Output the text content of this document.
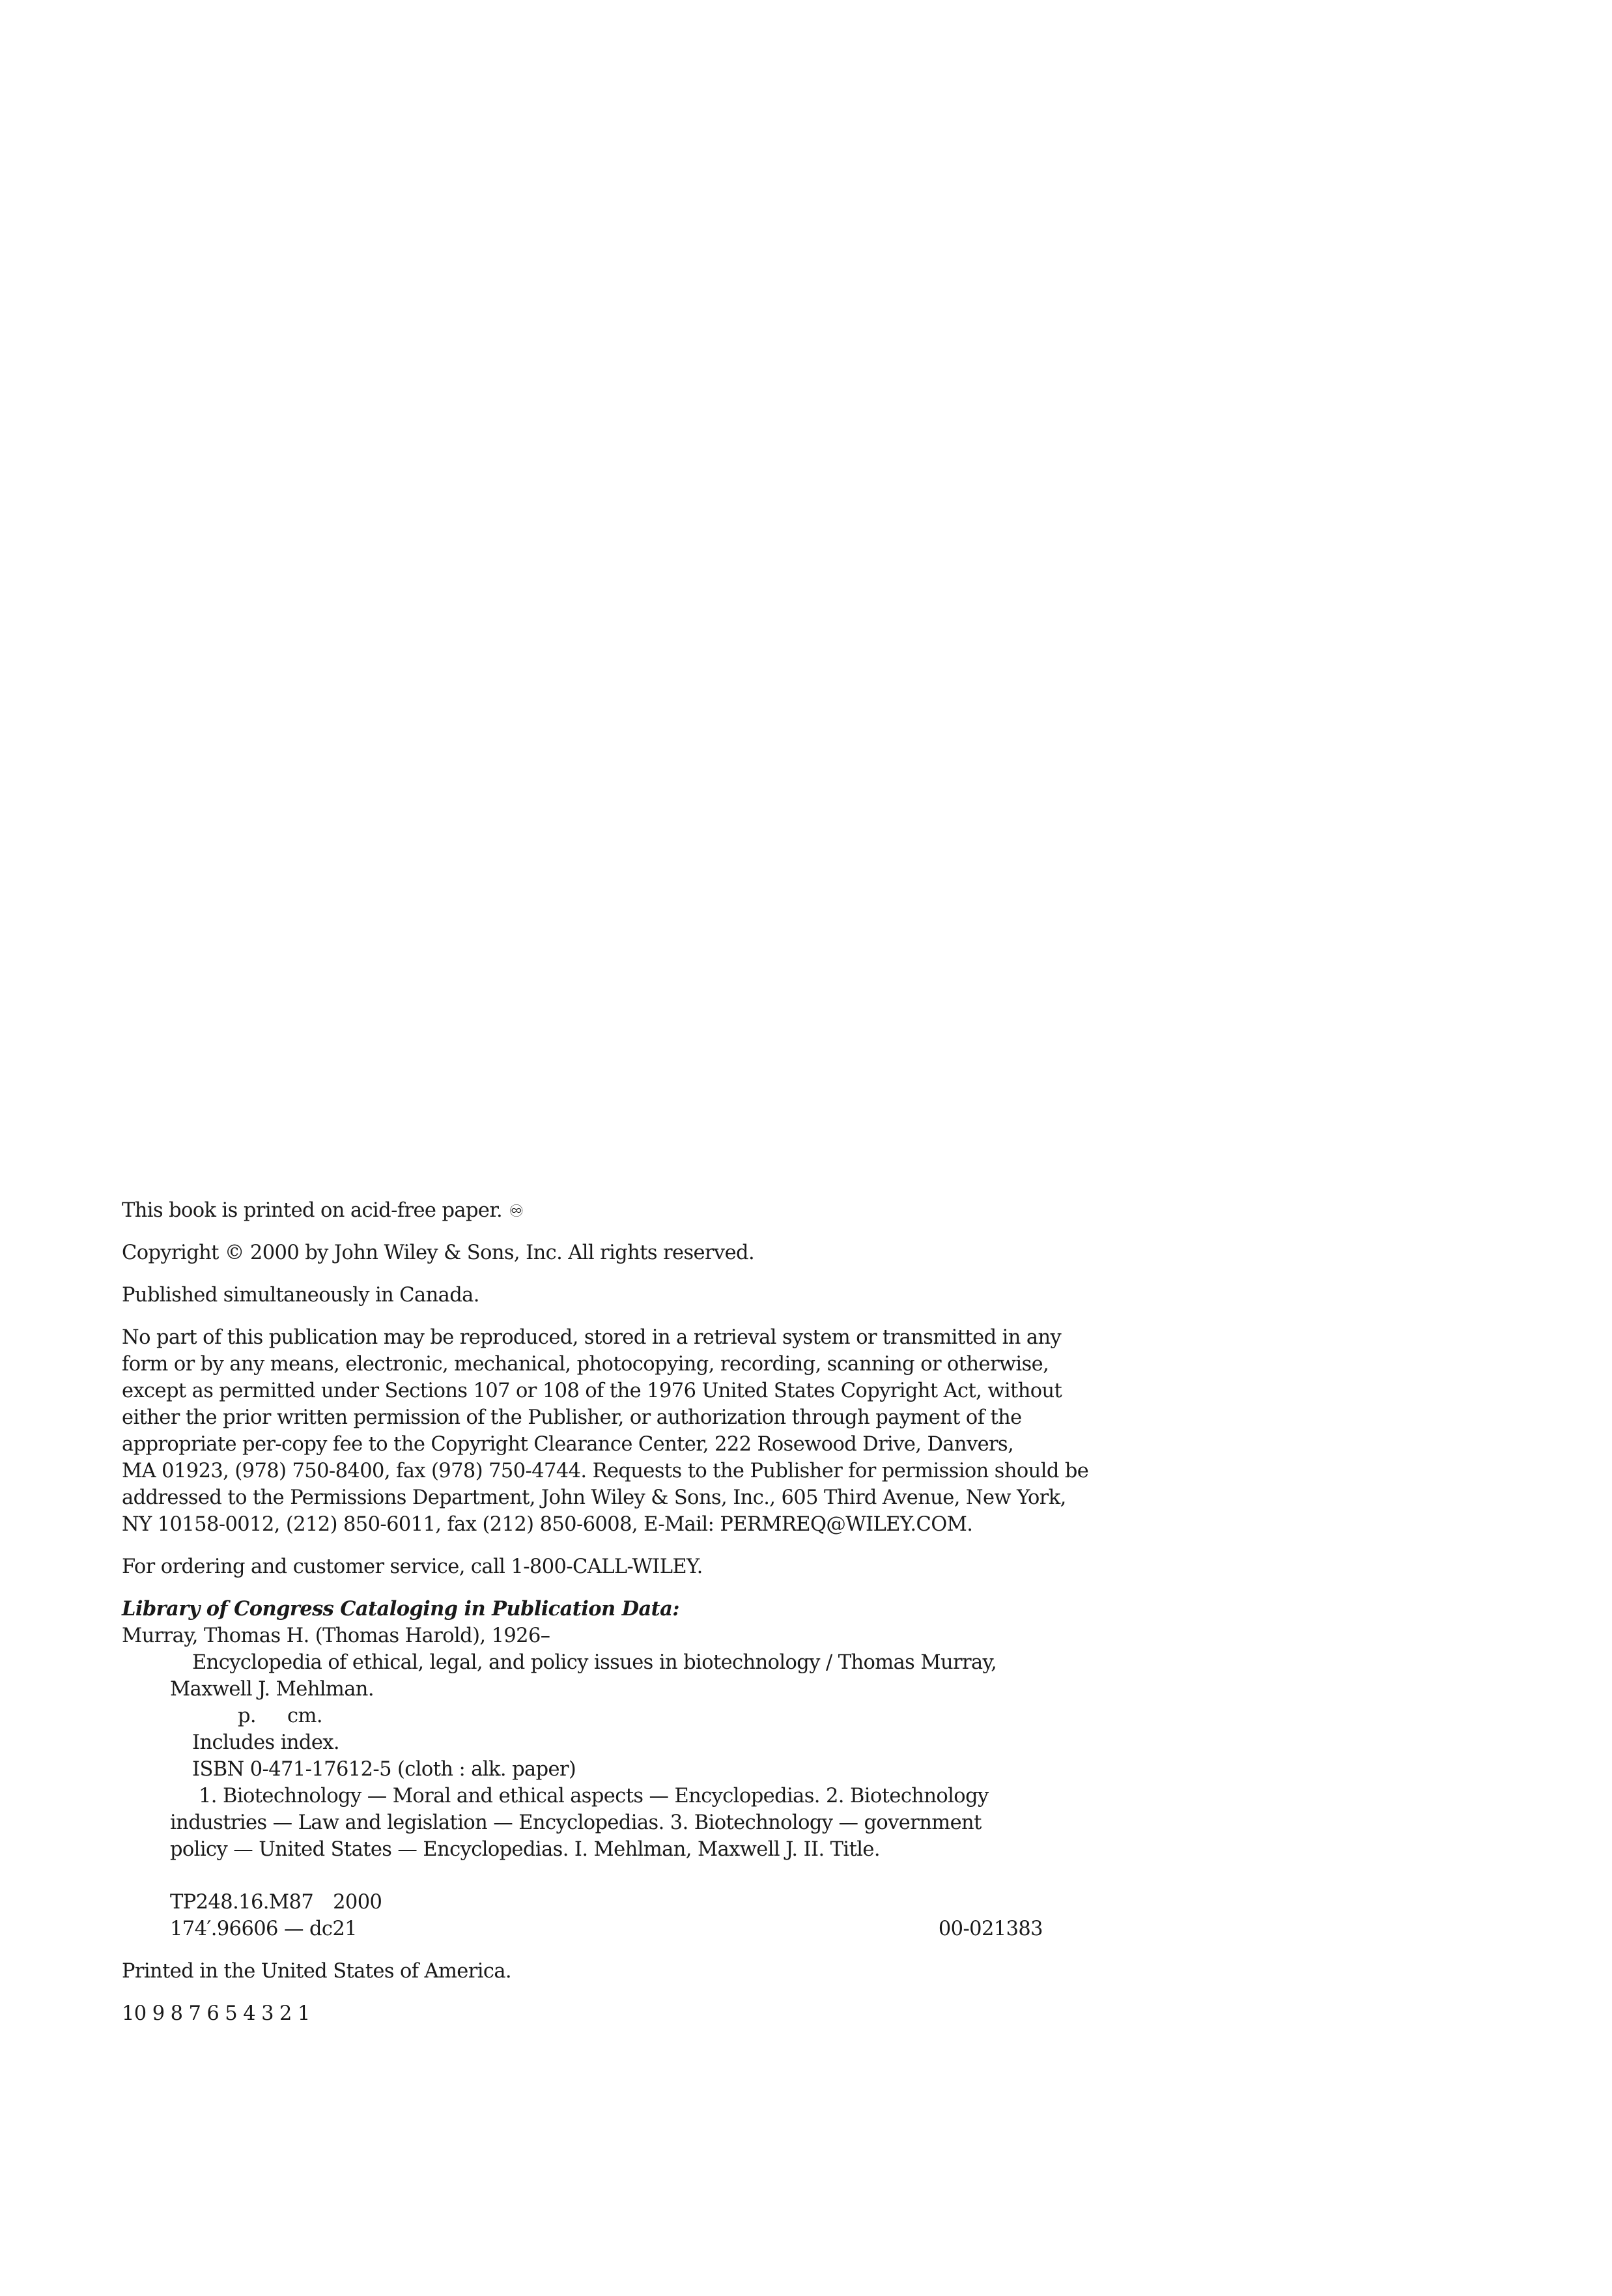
This book is printed on acid-free paper. ♾
Copyright © 2000 by John Wiley & Sons, Inc. All rights reserved.
Published simultaneously in Canada.
No part of this publication may be reproduced, stored in a retrieval system or transmitted in any
form or by any means, electronic, mechanical, photocopying, recording, scanning or otherwise,
except as permitted under Sections 107 or 108 of the 1976 United States Copyright Act, without
either the prior written permission of the Publisher, or authorization through payment of the
appropriate per-copy fee to the Copyright Clearance Center, 222 Rosewood Drive, Danvers,
MA 01923, (978) 750-8400, fax (978) 750-4744. Requests to the Publisher for permission should be
addressed to the Permissions Department, John Wiley & Sons, Inc., 605 Third Avenue, New York,
NY 10158-0012, (212) 850-6011, fax (212) 850-6008, E-Mail: PERMREQ@WILEY.COM.
For ordering and customer service, call 1-800-CALL-WILEY.
Library of Congress Cataloging in Publication Data:
Murray, Thomas H. (Thomas Harold), 1926–
Encyclopedia of ethical, legal, and policy issues in biotechnology / Thomas Murray,
Maxwell J. Mehlman.
p. cm.
Includes index.
ISBN 0-471-17612-5 (cloth : alk. paper)
1. Biotechnology — Moral and ethical aspects — Encyclopedias. 2. Biotechnology
industries — Law and legislation — Encyclopedias. 3. Biotechnology — government
policy — United States — Encyclopedias. I. Mehlman, Maxwell J. II. Title.
TP248.16.M87 2000
174′.96606 — dc21	00-021383
Printed in the United States of America.
10 9 8 7 6 5 4 3 2 1
